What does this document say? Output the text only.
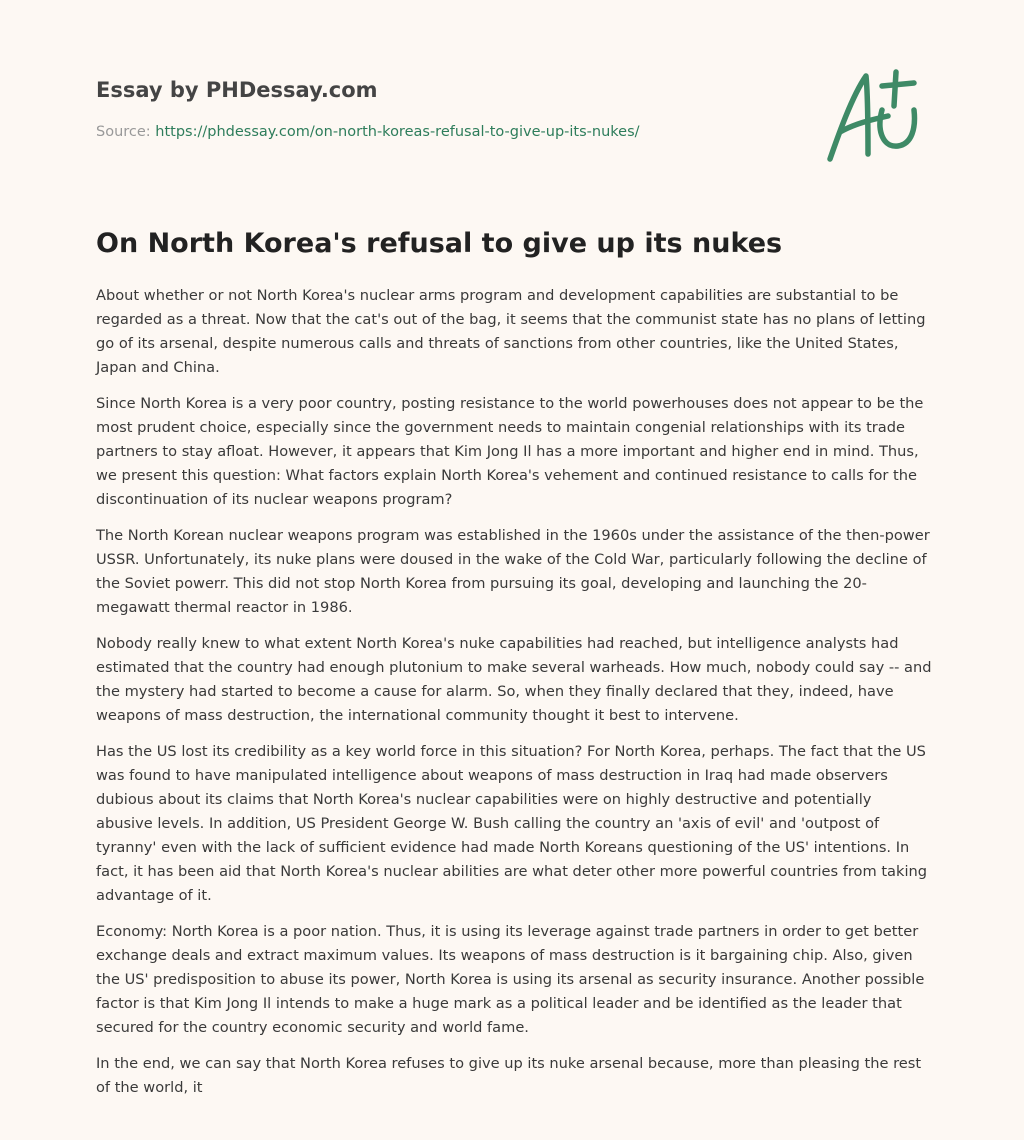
Essay by PHDessay.com
Source: https://phdessay.com/on-north-koreas-refusal-to-give-up-its-nukes/
On North Korea's refusal to give up its nukes

About whether or not North Korea's nuclear arms program and development capabilities are substantial to be regarded as a threat. Now that the cat's out of the bag, it seems that the communist state has no plans of letting go of its arsenal, despite numerous calls and threats of sanctions from other countries, like the United States, Japan and China.

Since North Korea is a very poor country, posting resistance to the world powerhouses does not appear to be the most prudent choice, especially since the government needs to maintain congenial relationships with its trade partners to stay afloat. However, it appears that Kim Jong Il has a more important and higher end in mind. Thus, we present this question: What factors explain North Korea's vehement and continued resistance to calls for the discontinuation of its nuclear weapons program?

The North Korean nuclear weapons program was established in the 1960s under the assistance of the then-power USSR. Unfortunately, its nuke plans were doused in the wake of the Cold War, particularly following the decline of the Soviet powerr. This did not stop North Korea from pursuing its goal, developing and launching the 20-megawatt thermal reactor in 1986.

Nobody really knew to what extent North Korea's nuke capabilities had reached, but intelligence analysts had estimated that the country had enough plutonium to make several warheads. How much, nobody could say -- and the mystery had started to become a cause for alarm. So, when they finally declared that they, indeed, have weapons of mass destruction, the international community thought it best to intervene.

Has the US lost its credibility as a key world force in this situation? For North Korea, perhaps. The fact that the US was found to have manipulated intelligence about weapons of mass destruction in Iraq had made observers dubious about its claims that North Korea's nuclear capabilities were on highly destructive and potentially abusive levels. In addition, US President George W. Bush calling the country an 'axis of evil' and 'outpost of tyranny' even with the lack of sufficient evidence had made North Koreans questioning of the US' intentions. In fact, it has been aid that North Korea's nuclear abilities are what deter other more powerful countries from taking advantage of it.

Economy: North Korea is a poor nation. Thus, it is using its leverage against trade partners in order to get better exchange deals and extract maximum values. Its weapons of mass destruction is it bargaining chip. Also, given the US' predisposition to abuse its power, North Korea is using its arsenal as security insurance. Another possible factor is that Kim Jong Il intends to make a huge mark as a political leader and be identified as the leader that secured for the country economic security and world fame.

In the end, we can say that North Korea refuses to give up its nuke arsenal because, more than pleasing the rest of the world, it
